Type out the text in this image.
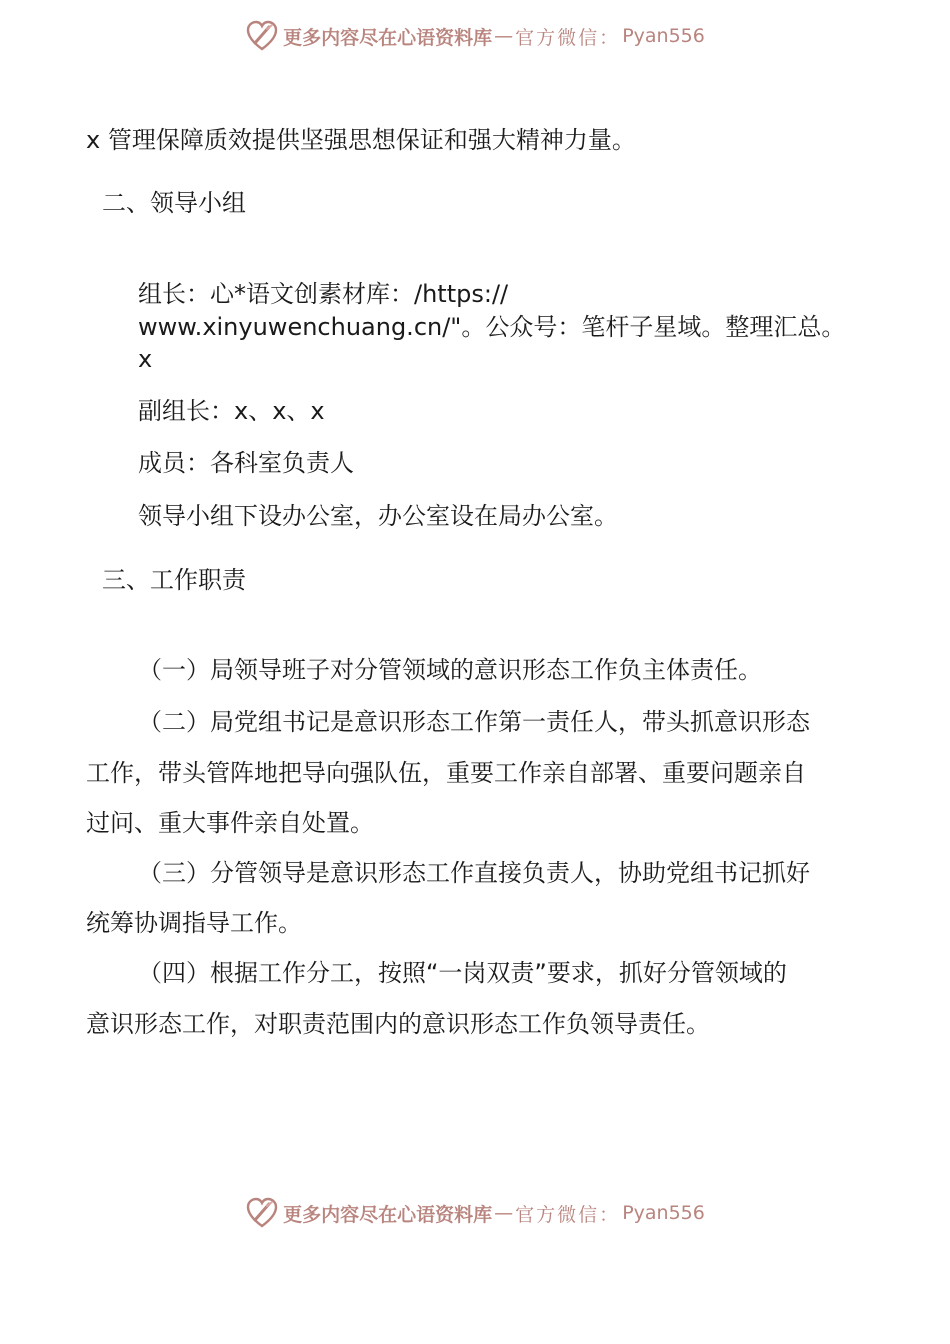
更多内容尽在心语资料库 — 官方微信： Pyan556
x 管理保障质效提供坚强思想保证和强大精神力量。
二、领导小组
组长：心*语文创素材库：/https://
www.xinyuwenchuang.cn/"。公众号：笔杆子星域。整理汇总。
x
副组长：x、x、x
成员：各科室负责人
领导小组下设办公室，办公室设在局办公室。
三、工作职责
（一）局领导班子对分管领域的意识形态工作负主体责任。
（二）局党组书记是意识形态工作第一责任人，带头抓意识形态
工作，带头管阵地把导向强队伍，重要工作亲自部署、重要问题亲自
过问、重大事件亲自处置。
（三）分管领导是意识形态工作直接负责人，协助党组书记抓好
统筹协调指导工作。
（四）根据工作分工，按照“一岗双责”要求，抓好分管领域的
意识形态工作，对职责范围内的意识形态工作负领导责任。
更多内容尽在心语资料库 — 官方微信： Pyan556
